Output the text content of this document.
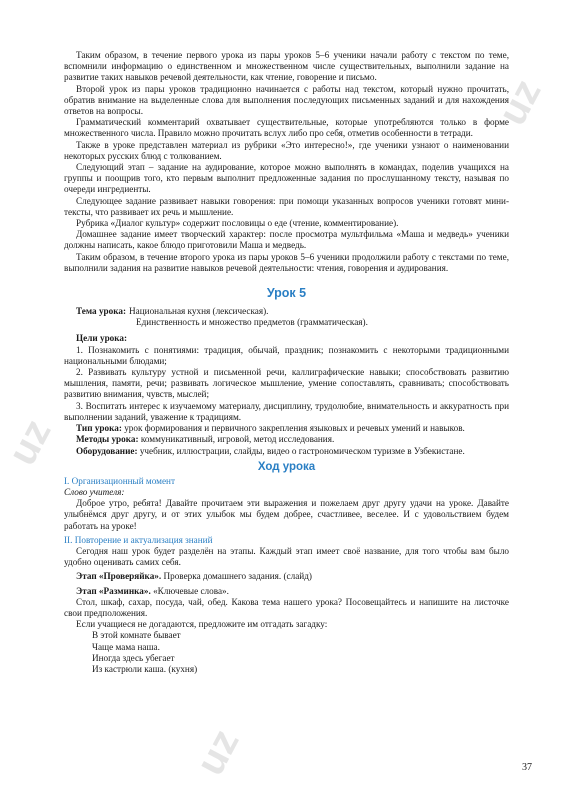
uz
uz
uz

Таким образом, в течение первого урока из пары уроков 5–6 ученики начали работу с текстом по теме, вспомнили информацию о единственном и множественном числе существительных, выполнили задание на развитие таких навыков речевой деятельности, как чтение, говорение и письмо.

Второй урок из пары уроков традиционно начинается с работы над текстом, который нужно прочитать, обратив внимание на выделенные слова для выполнения последующих письменных заданий и для нахождения ответов на вопросы.

Грамматический комментарий охватывает существительные, которые употребляются только в форме множественного числа. Правило можно прочитать вслух либо про себя, отметив особенности в тетради.

Также в уроке представлен материал из рубрики «Это интересно!», где ученики узнают о наименовании некоторых русских блюд с толкованием.

Следующий этап – задание на аудирование, которое можно выполнять в командах, поделив учащихся на группы и поощрив того, кто первым выполнит предложенные задания по прослушанному тексту, называя по очереди ингредиенты.

Следующее задание развивает навыки говорения: при помощи указанных вопросов ученики готовят мини-тексты, что развивает их речь и мышление.

Рубрика «Диалог культур» содержит пословицы о еде (чтение, комментирование).

Домашнее задание имеет творческий характер: после просмотра мультфильма «Маша и медведь» ученики должны написать, какое блюдо приготовили Маша и медведь.

Таким образом, в течение второго урока из пары уроков 5–6 ученики продолжили работу с текстами по теме, выполнили задания на развитие навыков речевой деятельности: чтения, говорения и аудирования.

Урок 5
Тема урока: Национальная кухня (лексическая).
Единственность и множество предметов (грамматическая).
Цели урока:

1. Познакомить с понятиями: традиция, обычай, праздник; познакомить с некоторыми традиционными национальными блюдами;

2. Развивать культуру устной и письменной речи, каллиграфические навыки; способствовать развитию мышления, памяти, речи; развивать логическое мышление, умение сопоставлять, сравнивать; способствовать развитию внимания, чувств, мыслей;

3. Воспитать интерес к изучаемому материалу, дисциплину, трудолюбие, внимательность и аккуратность при выполнении заданий, уважение к традициям.

Тип урока: урок формирования и первичного закрепления языковых и речевых умений и навыков.

Методы урока: коммуникативный, игровой, метод исследования.

Оборудование: учебник, иллюстрации, слайды, видео о гастрономическом туризме в Узбекистане.

Ход урока
I. Организационный момент

Слово учителя:

Доброе утро, ребята! Давайте прочитаем эти выражения и пожелаем друг другу удачи на уроке. Давайте улыбнёмся друг другу, и от этих улыбок мы будем добрее, счастливее, веселее. И с удовольствием будем работать на уроке!

II. Повторение и актуализация знаний

Сегодня наш урок будет разделён на этапы. Каждый этап имеет своё название, для того чтобы вам было удобно оценивать самих себя.

Этап «Проверяйка». Проверка домашнего задания. (слайд)

Этап «Разминка». «Ключевые слова».

Стол, шкаф, сахар, посуда, чай, обед. Какова тема нашего урока? Посовещайтесь и напишите на листочке свои предположения.

Если учащиеся не догадаются, предложите им отгадать загадку:

В этой комнате бывает

Чаще мама наша.

Иногда здесь убегает

Из кастрюли каша. (кухня)

37
